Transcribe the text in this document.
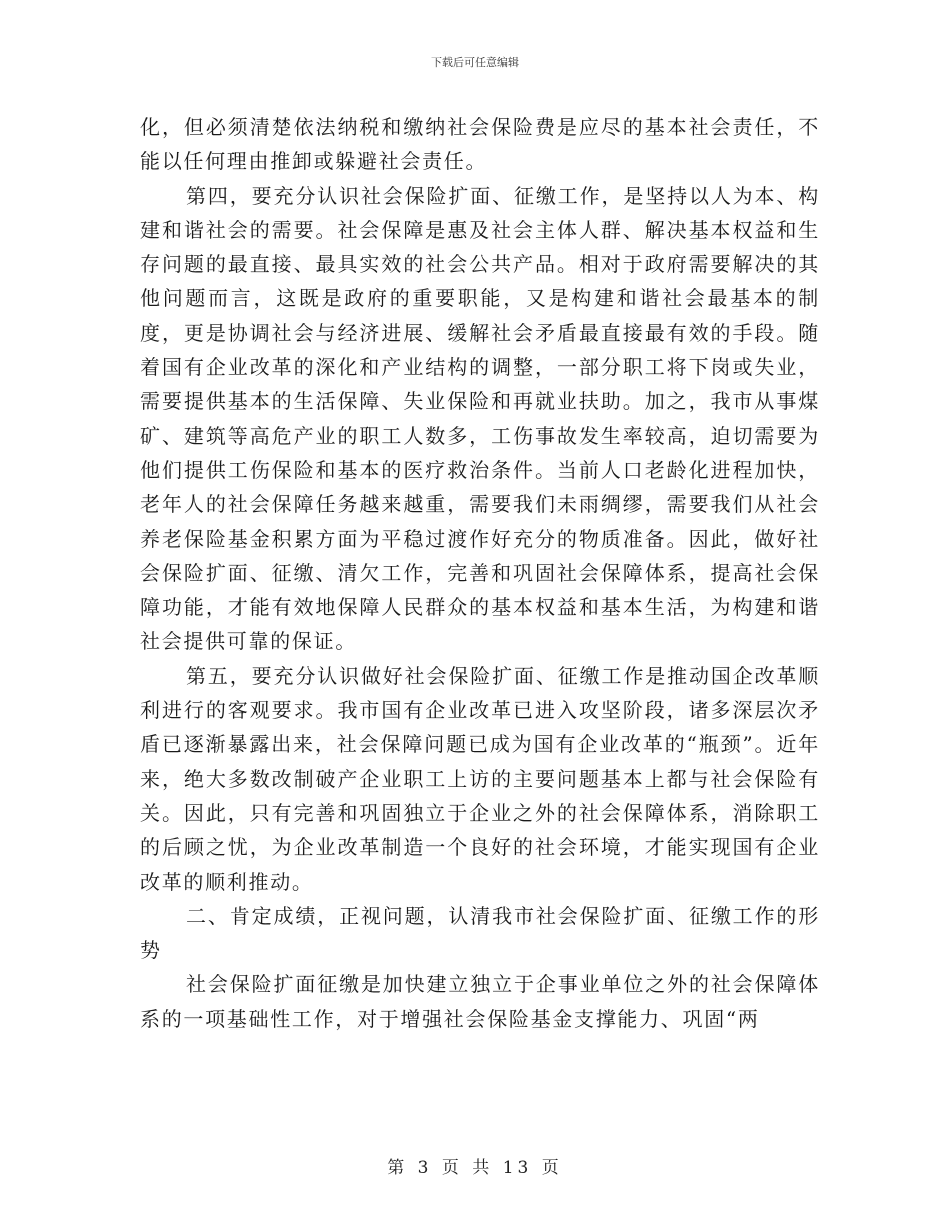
下载后可任意编辑

化，但必须清楚依法纳税和缴纳社会保险费是应尽的基本社会责任，不能以任何理由推卸或躲避社会责任。

第四，要充分认识社会保险扩面、征缴工作，是坚持以人为本、构建和谐社会的需要。社会保障是惠及社会主体人群、解决基本权益和生存问题的最直接、最具实效的社会公共产品。相对于政府需要解决的其他问题而言，这既是政府的重要职能，又是构建和谐社会最基本的制度，更是协调社会与经济进展、缓解社会矛盾最直接最有效的手段。随着国有企业改革的深化和产业结构的调整，一部分职工将下岗或失业，需要提供基本的生活保障、失业保险和再就业扶助。加之，我市从事煤矿、建筑等高危产业的职工人数多，工伤事故发生率较高，迫切需要为他们提供工伤保险和基本的医疗救治条件。当前人口老龄化进程加快，老年人的社会保障任务越来越重，需要我们未雨绸缪，需要我们从社会养老保险基金积累方面为平稳过渡作好充分的物质准备。因此，做好社会保险扩面、征缴、清欠工作，完善和巩固社会保障体系，提高社会保障功能，才能有效地保障人民群众的基本权益和基本生活，为构建和谐社会提供可靠的保证。

第五，要充分认识做好社会保险扩面、征缴工作是推动国企改革顺利进行的客观要求。我市国有企业改革已进入攻坚阶段，诸多深层次矛盾已逐渐暴露出来，社会保障问题已成为国有企业改革的“瓶颈”。近年来，绝大多数改制破产企业职工上访的主要问题基本上都与社会保险有关。因此，只有完善和巩固独立于企业之外的社会保障体系，消除职工的后顾之忧，为企业改革制造一个良好的社会环境，才能实现国有企业改革的顺利推动。

二、肯定成绩，正视问题，认清我市社会保险扩面、征缴工作的形势

社会保险扩面征缴是加快建立独立于企事业单位之外的社会保障体系的一项基础性工作，对于增强社会保险基金支撑能力、巩固“两

第 3 页 共 13 页
